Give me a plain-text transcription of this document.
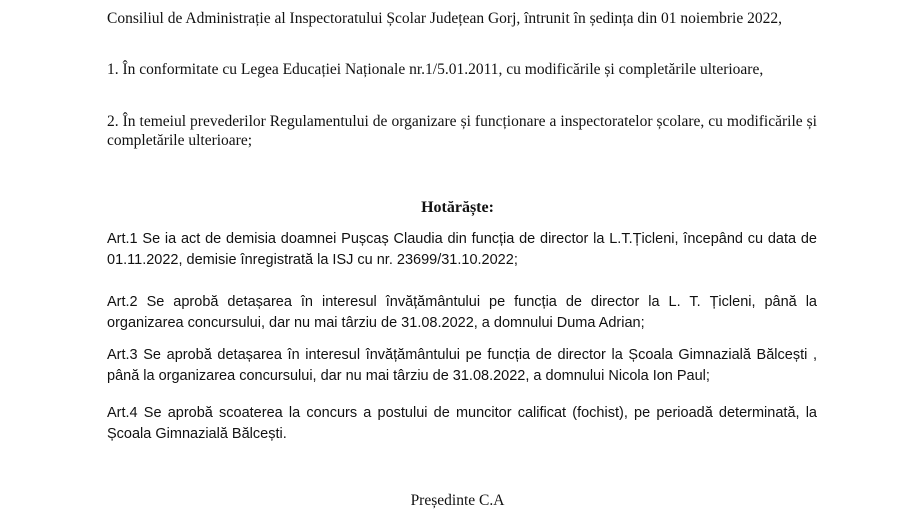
Consiliul de Administrație al Inspectoratului Școlar Județean Gorj, întrunit în ședința din 01 noiembrie 2022,

1. În conformitate cu Legea Educației Naționale nr.1/5.01.2011, cu modificările și completările ulterioare,

2. În temeiul prevederilor Regulamentului de organizare și funcționare a inspectoratelor școlare, cu modificările și completările ulterioare;

Hotărăște:

Art.1 Se ia act de demisia doamnei Pușcaș Claudia din funcția de director la L.T.Țicleni, începând cu data de 01.11.2022, demisie înregistrată la ISJ cu nr. 23699/31.10.2022;

Art.2 Se aprobă detașarea în interesul învățământului pe funcția de director la L. T. Țicleni, până la organizarea concursului, dar nu mai târziu de 31.08.2022, a domnului Duma Adrian;

Art.3 Se aprobă detașarea în interesul învățământului pe funcția de director la Școala Gimnazială Bălcești , până la organizarea concursului, dar nu mai târziu de 31.08.2022, a domnului Nicola Ion Paul;

Art.4 Se aprobă scoaterea la concurs a postului de muncitor calificat (fochist), pe perioadă determinată, la Școala Gimnazială Bălcești.

Președinte C.A
